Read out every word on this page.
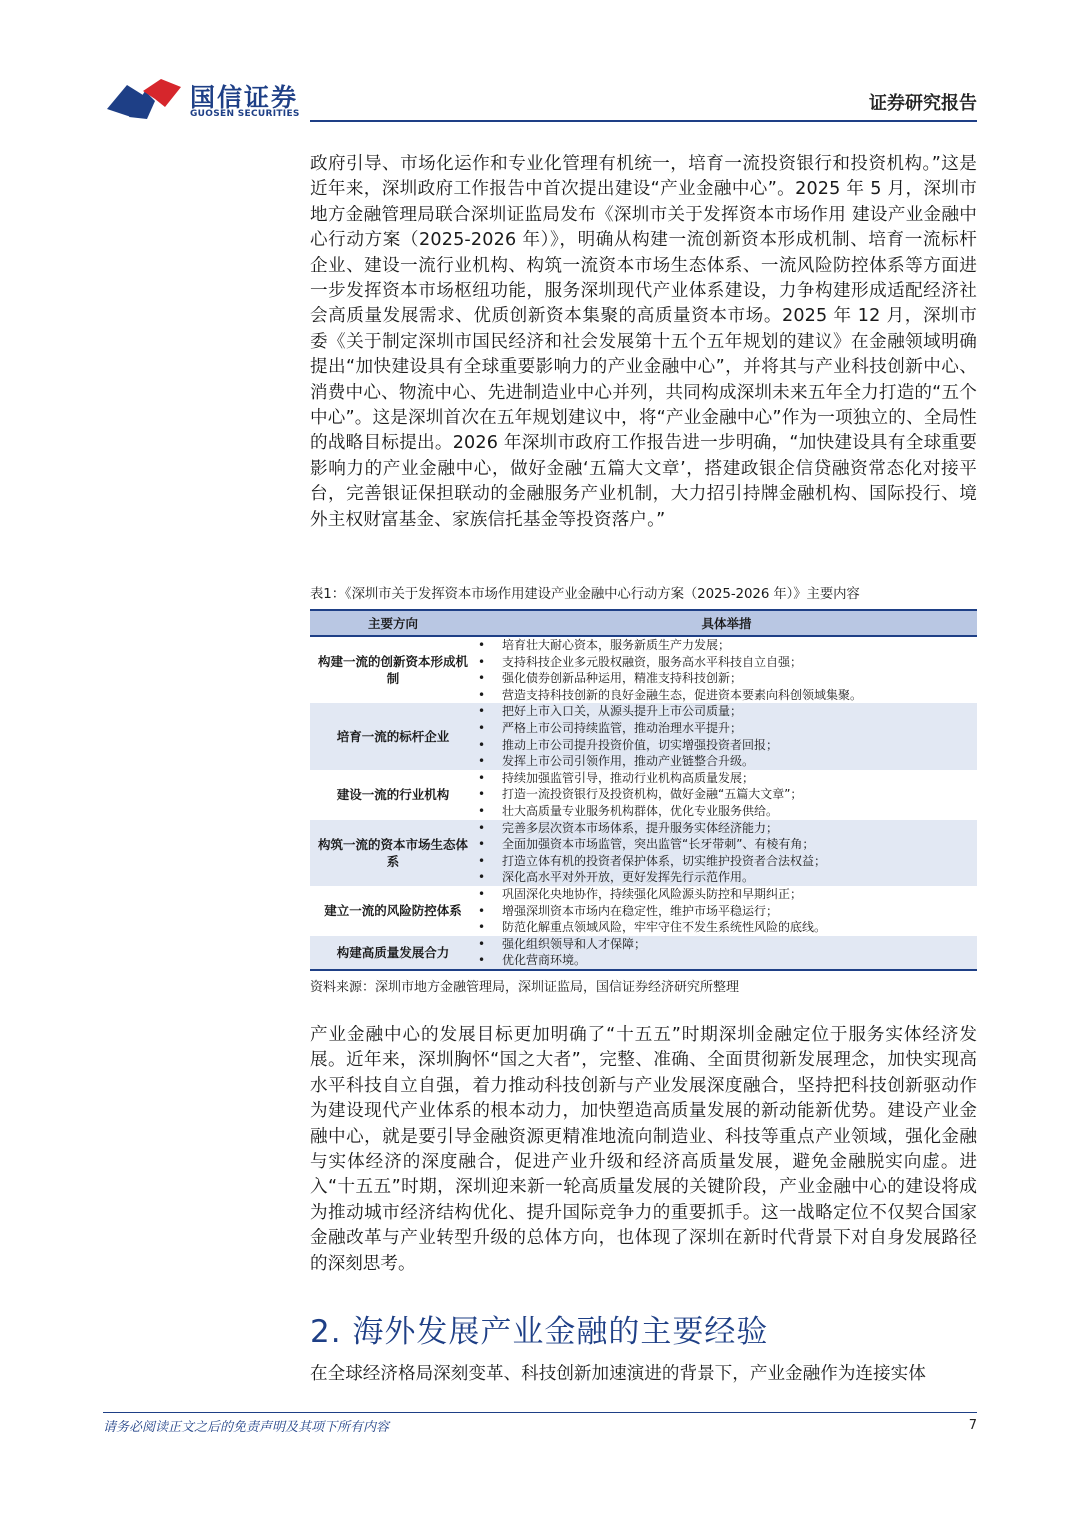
国信证券
GUOSEN SECURITIES	证券研究报告

政府引导、市场化运作和专业化管理有机统一，培育一流投资银行和投资机构。”这是近年来，深圳政府工作报告中首次提出建设“产业金融中心”。2025 年 5 月，深圳市地方金融管理局联合深圳证监局发布《深圳市关于发挥资本市场作用 建设产业金融中心行动方案（2025-2026 年）》，明确从构建一流创新资本形成机制、培育一流标杆企业、建设一流行业机构、构筑一流资本市场生态体系、一流风险防控体系等方面进一步发挥资本市场枢纽功能，服务深圳现代产业体系建设，力争构建形成适配经济社会高质量发展需求、优质创新资本集聚的高质量资本市场。2025 年 12 月，深圳市委《关于制定深圳市国民经济和社会发展第十五个五年规划的建议》在金融领域明确提出“加快建设具有全球重要影响力的产业金融中心”，并将其与产业科技创新中心、消费中心、物流中心、先进制造业中心并列，共同构成深圳未来五年全力打造的“五个中心”。这是深圳首次在五年规划建议中，将“产业金融中心”作为一项独立的、全局性的战略目标提出。2026 年深圳市政府工作报告进一步明确，“加快建设具有全球重要影响力的产业金融中心，做好金融‘五篇大文章’，搭建政银企信贷融资常态化对接平台，完善银证保担联动的金融服务产业机制，大力招引持牌金融机构、国际投行、境外主权财富基金、家族信托基金等投资落户。”

表1：《深圳市关于发挥资本市场作用建设产业金融中心行动方案（2025-2026 年）》主要内容
主要方向	具体举措
构建一流的创新资本形成机制
• 培育壮大耐心资本，服务新质生产力发展；
• 支持科技企业多元股权融资，服务高水平科技自立自强；
• 强化债券创新品种运用，精准支持科技创新；
• 营造支持科技创新的良好金融生态，促进资本要素向科创领域集聚。
培育一流的标杆企业
• 把好上市入口关，从源头提升上市公司质量；
• 严格上市公司持续监管，推动治理水平提升；
• 推动上市公司提升投资价值，切实增强投资者回报；
• 发挥上市公司引领作用，推动产业链整合升级。
建设一流的行业机构
• 持续加强监管引导，推动行业机构高质量发展；
• 打造一流投资银行及投资机构，做好金融“五篇大文章”；
• 壮大高质量专业服务机构群体，优化专业服务供给。
构筑一流的资本市场生态体系
• 完善多层次资本市场体系，提升服务实体经济能力；
• 全面加强资本市场监管，突出监管“长牙带刺”、有棱有角；
• 打造立体有机的投资者保护体系，切实维护投资者合法权益；
• 深化高水平对外开放，更好发挥先行示范作用。
建立一流的风险防控体系
• 巩固深化央地协作，持续强化风险源头防控和早期纠正；
• 增强深圳资本市场内在稳定性，维护市场平稳运行；
• 防范化解重点领域风险，牢牢守住不发生系统性风险的底线。
构建高质量发展合力
• 强化组织领导和人才保障；
• 优化营商环境。
资料来源：深圳市地方金融管理局，深圳证监局，国信证券经济研究所整理

产业金融中心的发展目标更加明确了“十五五”时期深圳金融定位于服务实体经济发展。近年来，深圳胸怀“国之大者”，完整、准确、全面贯彻新发展理念，加快实现高水平科技自立自强，着力推动科技创新与产业发展深度融合，坚持把科技创新驱动作为建设现代产业体系的根本动力，加快塑造高质量发展的新动能新优势。建设产业金融中心，就是要引导金融资源更精准地流向制造业、科技等重点产业领域，强化金融与实体经济的深度融合，促进产业升级和经济高质量发展，避免金融脱实向虚。进入“十五五”时期，深圳迎来新一轮高质量发展的关键阶段，产业金融中心的建设将成为推动城市经济结构优化、提升国际竞争力的重要抓手。这一战略定位不仅契合国家金融改革与产业转型升级的总体方向，也体现了深圳在新时代背景下对自身发展路径的深刻思考。

2. 海外发展产业金融的主要经验

在全球经济格局深刻变革、科技创新加速演进的背景下，产业金融作为连接实体

请务必阅读正文之后的免责声明及其项下所有内容	7
